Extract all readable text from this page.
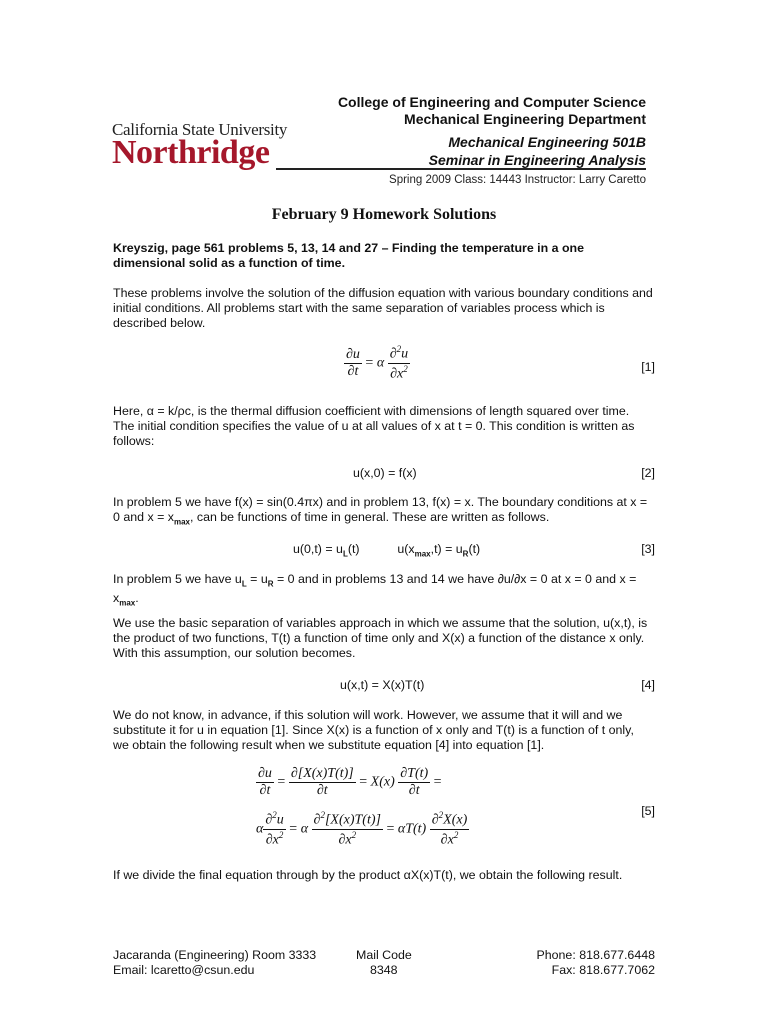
California State University
Northridge
College of Engineering and Computer Science
Mechanical Engineering Department
Mechanical Engineering 501B
Seminar in Engineering Analysis
Spring 2009 Class: 14443 Instructor: Larry Caretto
February 9 Homework Solutions
Kreyszig, page 561 problems 5, 13, 14 and 27 – Finding the temperature in a one dimensional solid as a function of time.
These problems involve the solution of the diffusion equation with various boundary conditions and initial conditions. All problems start with the same separation of variables process which is described below.
$\frac{\partial u}{\partial t} = \alpha \frac{\partial^2u}{\partial x^2}$	[1]
Here, α = k/ρc, is the thermal diffusion coefficient with dimensions of length squared over time. The initial condition specifies the value of u at all values of x at t = 0. This condition is written as follows:
u(x,0) = f(x)	[2]
In problem 5 we have f(x) = sin(0.4πx) and in problem 13, f(x) = x. The boundary conditions at x = 0 and $x = x_{max}$, can be functions of time in general. These are written as follows.
$u(0,t) = u_L(t)$           $u(x_{max},t) = u_R(t)$	[3]
In problem 5 we have $u_L = u_R = 0$ and in problems 13 and 14 we have ∂u/∂x = 0 at x = 0 and $x = x_{max}$.
We use the basic separation of variables approach in which we assume that the solution, u(x,t), is the product of two functions, T(t) a function of time only and X(x) a function of the distance x only. With this assumption, our solution becomes.
u(x,t) = X(x)T(t)	[4]
We do not know, in advance, if this solution will work. However, we assume that it will and we substitute it for u in equation [1]. Since X(x) is a function of x only and T(t) is a function of t only, we obtain the following result when we substitute equation [4] into equation [1].
$\frac{\partial u}{\partial t} = \frac{\partial[X(x)T(t)]}{\partial t} = X(x) \frac{\partial T(t)}{\partial t}$ =
α $\frac{\partial^2u}{\partial x^2} = \alpha \frac{\partial^2[X(x)T(t)]}{\partial x^2} = \alpha T(t) \frac{\partial^2X(x)}{\partial x^2}$	[5]
If we divide the final equation through by the product αX(x)T(t), we obtain the following result.
Jacaranda (Engineering) Room 3333
Email: lcaretto@csun.edu
Mail Code
8348
Phone: 818.677.6448
Fax: 818.677.7062
